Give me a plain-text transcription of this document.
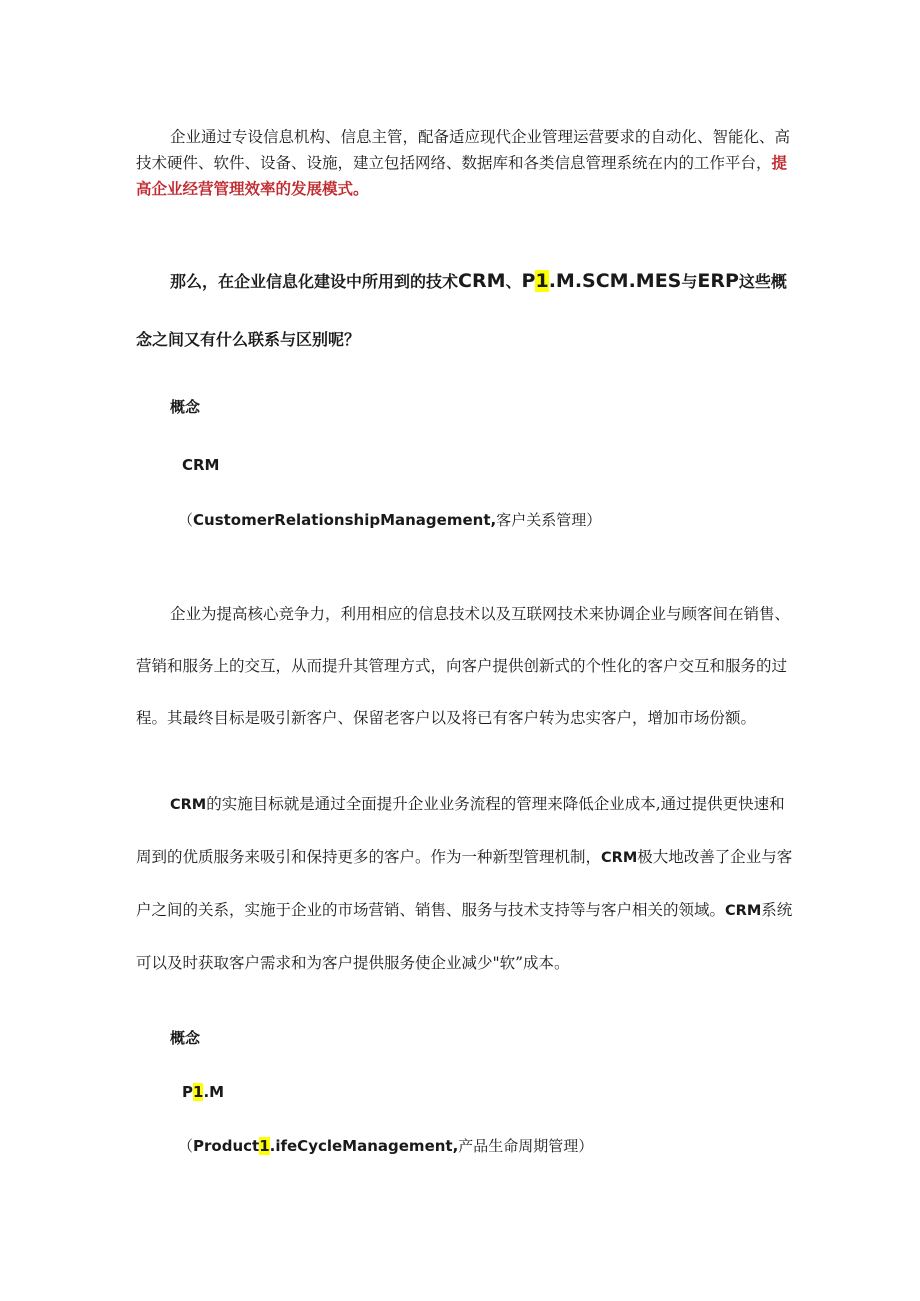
企业通过专设信息机构、信息主管，配备适应现代企业管理运营要求的自动化、智能化、高技术硬件、软件、设备、设施，建立包括网络、数据库和各类信息管理系统在内的工作平台，提高企业经营管理效率的发展模式。

那么，在企业信息化建设中所用到的技术CRM、P1.M.SCM.MES与ERP这些概念之间又有什么联系与区别呢？

概念
CRM
（CustomerRelationshipManagement,客户关系管理）

企业为提高核心竞争力，利用相应的信息技术以及互联网技术来协调企业与顾客间在销售、营销和服务上的交互，从而提升其管理方式，向客户提供创新式的个性化的客户交互和服务的过程。其最终目标是吸引新客户、保留老客户以及将已有客户转为忠实客户，增加市场份额。

CRM的实施目标就是通过全面提升企业业务流程的管理来降低企业成本,通过提供更快速和周到的优质服务来吸引和保持更多的客户。作为一种新型管理机制，CRM极大地改善了企业与客户之间的关系，实施于企业的市场营销、销售、服务与技术支持等与客户相关的领域。CRM系统可以及时获取客户需求和为客户提供服务使企业减少"软”成本。

概念
P1.M
（Product1.ifeCycleManagement,产品生命周期管理）
